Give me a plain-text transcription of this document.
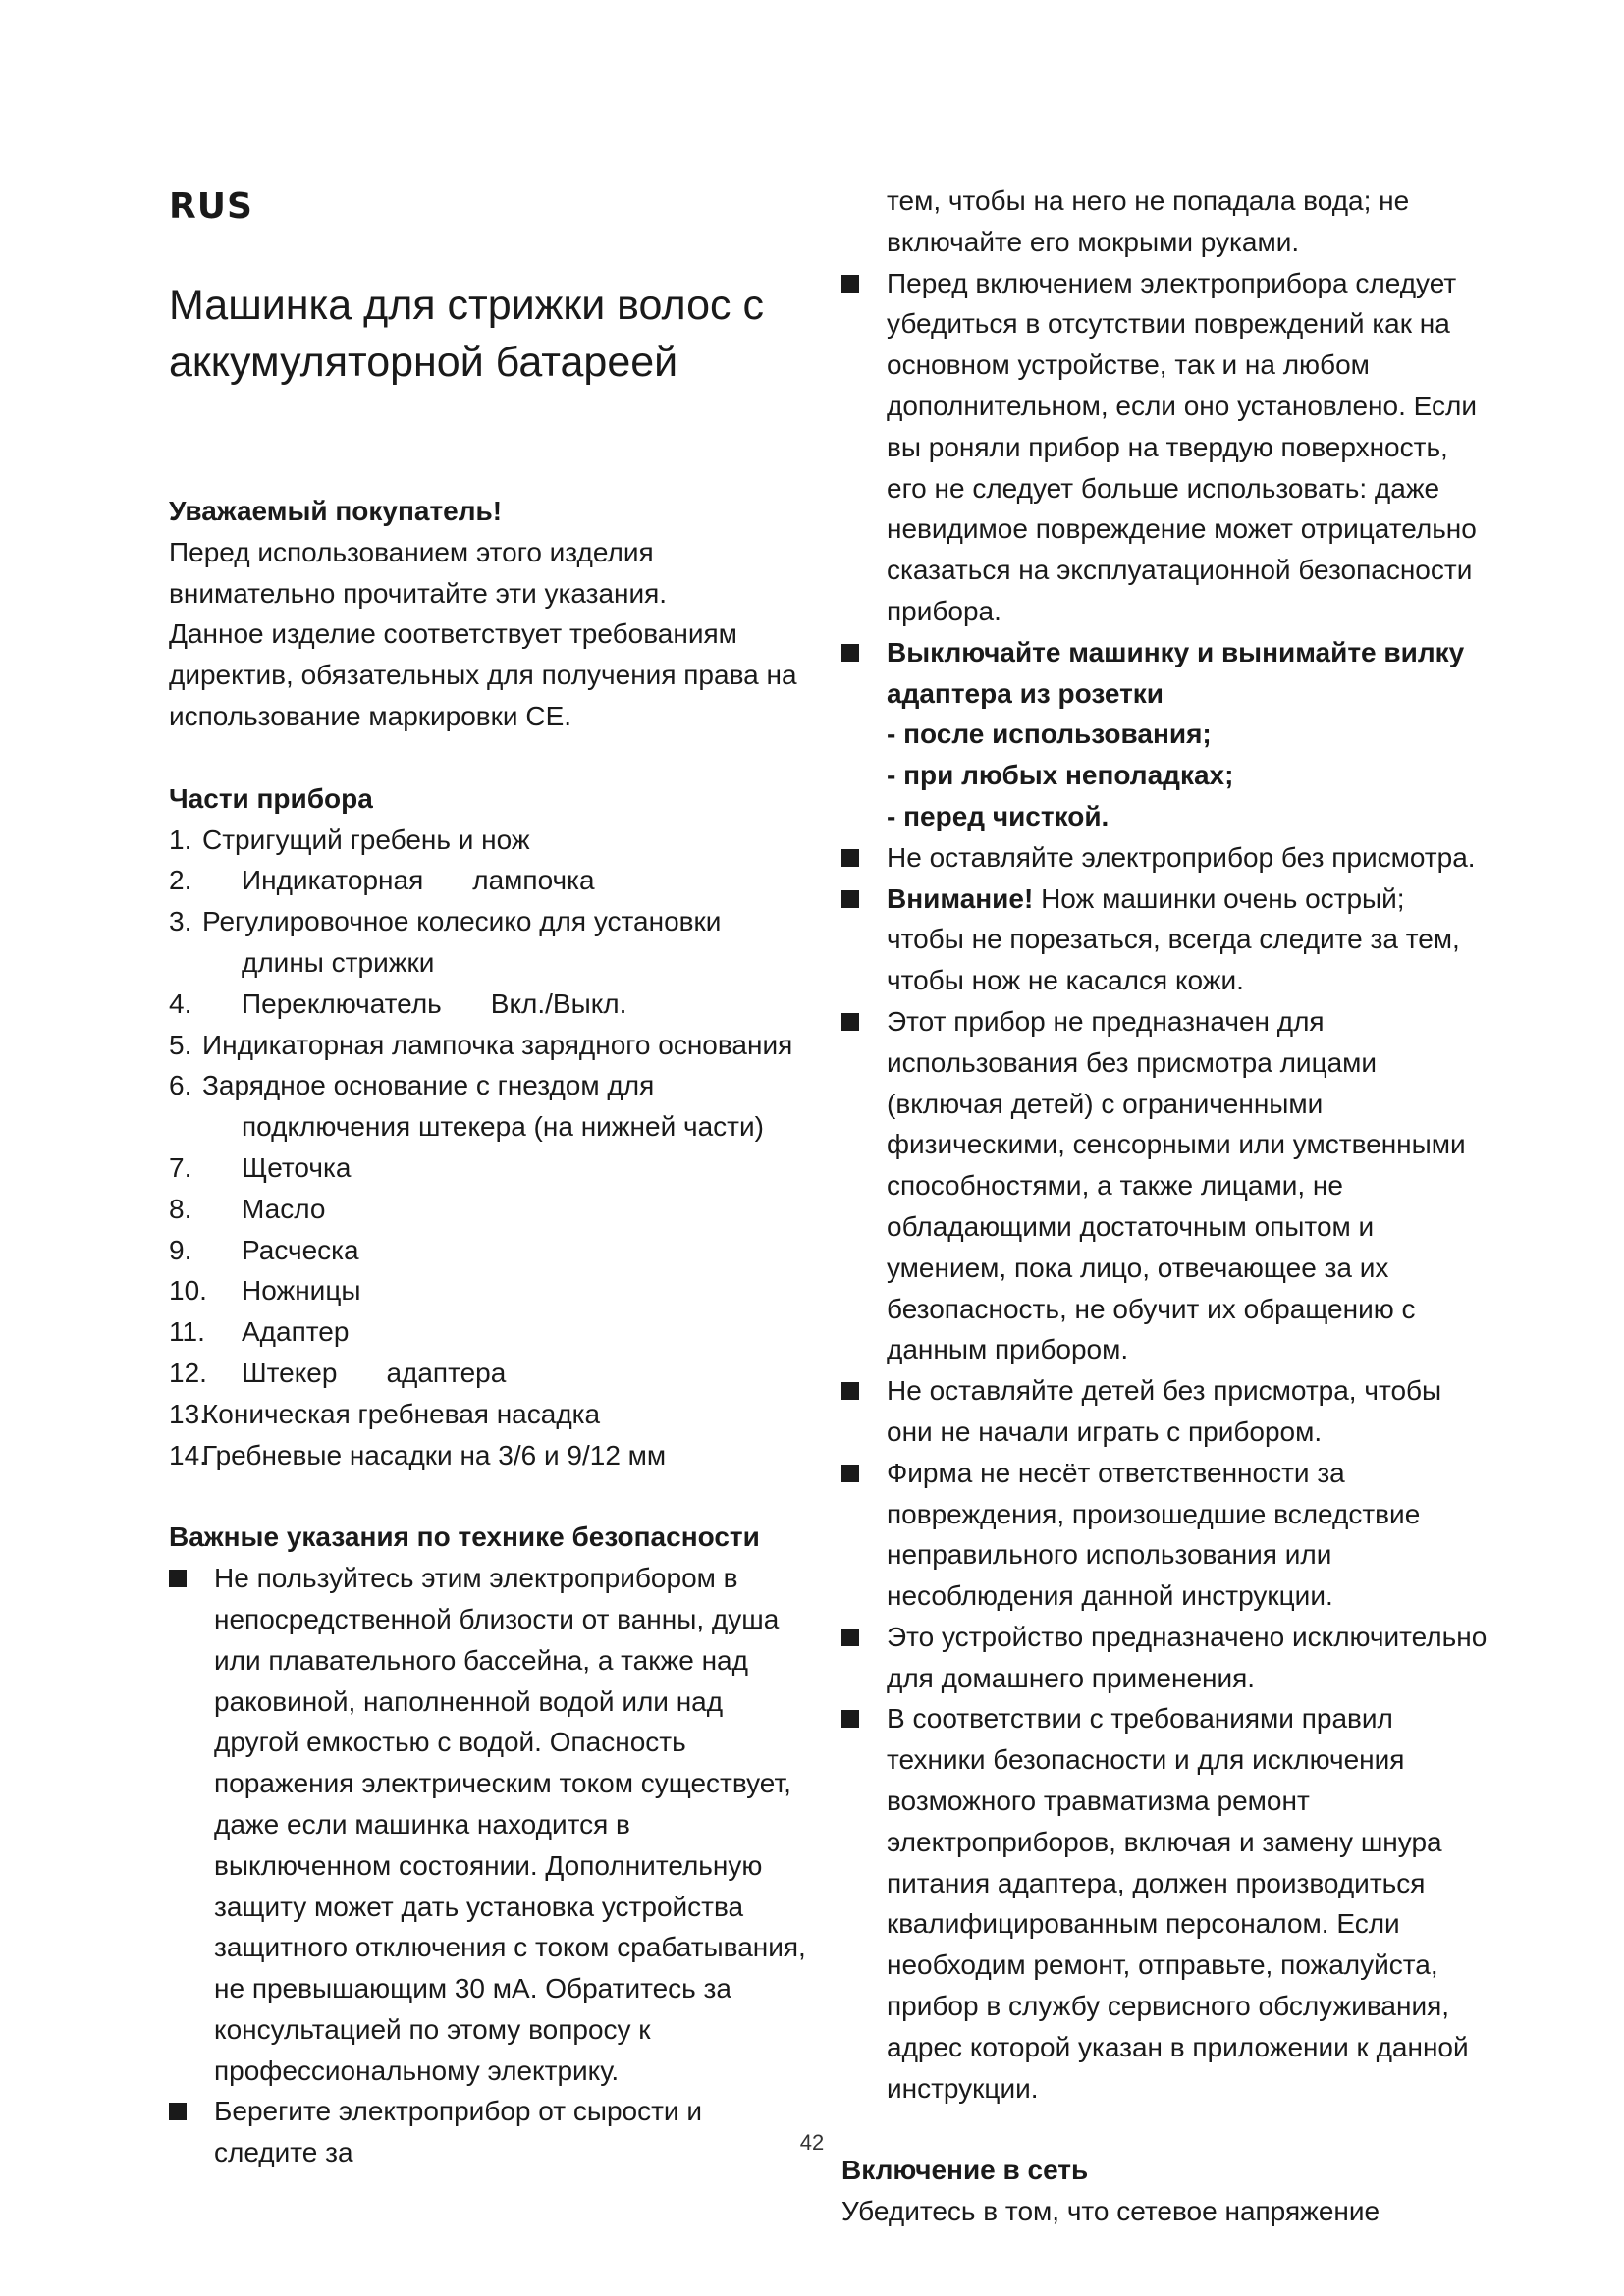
RUS
Машинка для стрижки волос с аккумуляторной батареей
Уважаемый покупатель!

Перед использованием этого изделия внимательно прочитайте эти указания.

Данное изделие соответствует требованиям директив, обязательных для получения права на использование маркировки CE.

Части прибора
1. Стригущий гребень и нож
2. Индикаторная лампочка
3. Регулировочное колесико для установки
длины стрижки
4. Переключатель Вкл./Выкл.
5. Индикаторная лампочка зарядного основания
6. Зарядное основание с гнездом для
подключения штекера (на нижней части)
7. Щеточка
8. Масло
9. Расческа
10. Ножницы
11. Адаптер
12. Штекер адаптера
13.Коническая гребневая насадка
14.Гребневые насадки на 3/6 и 9/12 мм
Важные указания по технике безопасности

Не пользуйтесь этим электроприбором в непосредственной близости от ванны, душа или плавательного бассейна, а также над раковиной, наполненной водой или над другой емкостью с водой. Опасность поражения электрическим током существует, даже если машинка находится в выключенном состоянии. Дополнительную защиту может дать установка устройства защитного отключения с током срабатывания, не превышающим 30 мА. Обратитесь за консультацией по этому вопросу к профессиональному электрику.

Берегите электроприбор от сырости и следите за

тем, чтобы на него не попадала вода; не включайте его мокрыми руками.

Перед включением электроприбора следует убедиться в отсутствии повреждений как на основном устройстве, так и на любом дополнительном, если оно установлено. Если вы роняли прибор на твердую поверхность, его не следует больше использовать: даже невидимое повреждение может отрицательно сказаться на эксплуатационной безопасности прибора.

Выключайте машинку и вынимайте вилку адаптера из розетки

- после использования;

- при любых неполадках;

- перед чисткой.

Не оставляйте электроприбор без присмотра.

Внимание! Нож машинки очень острый; чтобы не порезаться, всегда следите за тем, чтобы нож не касался кожи.

Этот прибор не предназначен для использования без присмотра лицами (включая детей) с ограниченными физическими, сенсорными или умственными способностями, а также лицами, не обладающими достаточным опытом и умением, пока лицо, отвечающее за их безопасность, не обучит их обращению с данным прибором.

Не оставляйте детей без присмотра, чтобы они не начали играть с прибором.

Фирма не несёт ответственности за повреждения, произошедшие вследствие неправильного использования или несоблюдения данной инструкции.

Это устройство предназначено исключительно для домашнего применения.

В соответствии с требованиями правил техники безопасности и для исключения возможного травматизма ремонт электроприборов, включая и замену шнура питания адаптера, должен производиться квалифицированным персоналом. Если необходим ремонт, отправьте, пожалуйста, прибор в службу сервисного обслуживания, адрес которой указан в приложении к данной инструкции.

Включение в сеть

Убедитесь в том, что сетевое напряжение

42
